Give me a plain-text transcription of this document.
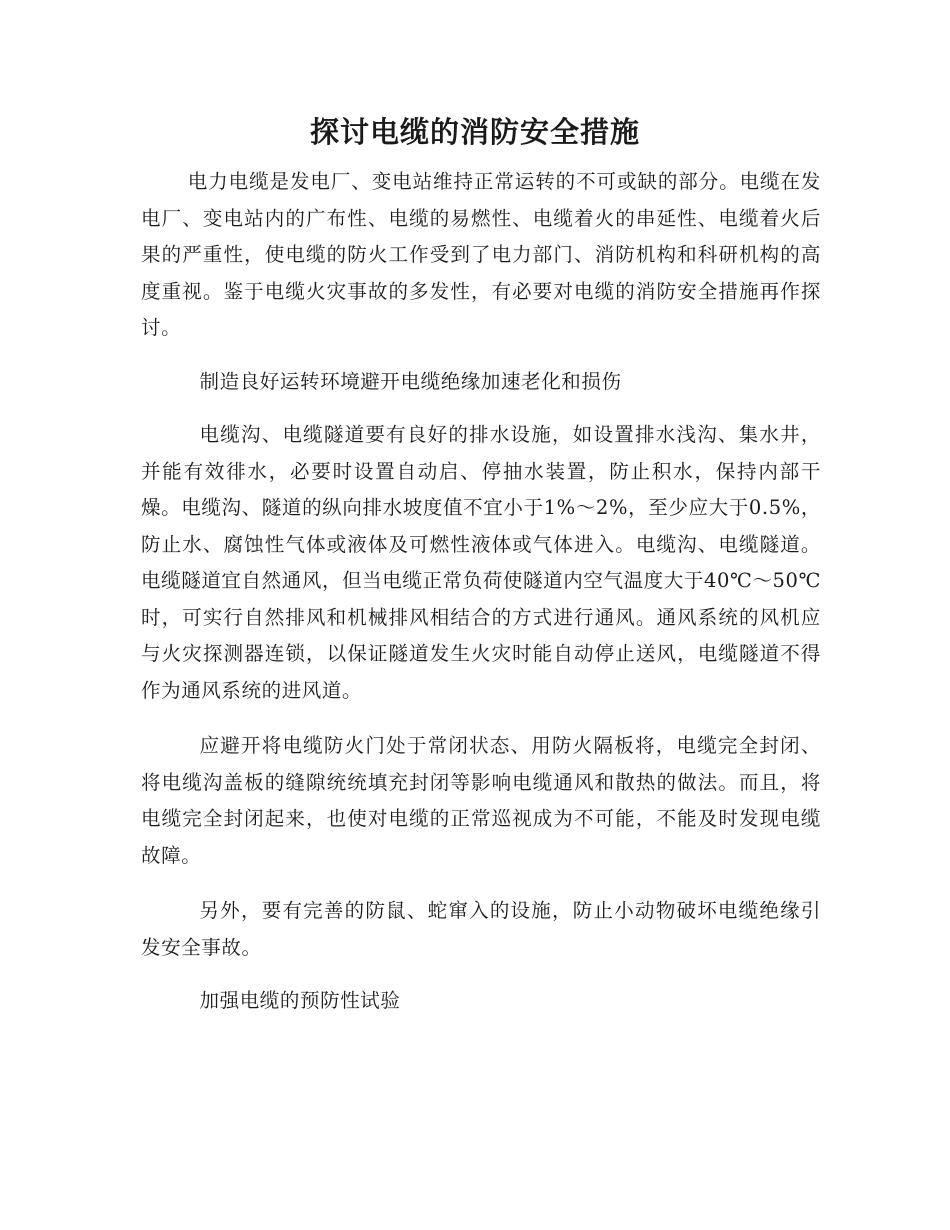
探讨电缆的消防安全措施

电力电缆是发电厂、变电站维持正常运转的不可或缺的部分。电缆在发电厂、变电站内的广布性、电缆的易燃性、电缆着火的串延性、电缆着火后果的严重性，使电缆的防火工作受到了电力部门、消防机构和科研机构的高度重视。鉴于电缆火灾事故的多发性，有必要对电缆的消防安全措施再作探讨。

制造良好运转环境避开电缆绝缘加速老化和损伤

电缆沟、电缆隧道要有良好的排水设施，如设置排水浅沟、集水井，并能有效徘水，必要时设置自动启、停抽水装置，防止积水，保持内部干燥。电缆沟、隧道的纵向排水坡度值不宜小于1%～2%，至少应大于0.5%，防止水、腐蚀性气体或液体及可燃性液体或气体进入。电缆沟、电缆隧道。电缆隧道宜自然通风，但当电缆正常负荷使隧道内空气温度大于40℃～50℃时，可实行自然排风和机械排风相结合的方式进行通风。通风系统的风机应与火灾探测器连锁，以保证隧道发生火灾时能自动停止送风，电缆隧道不得作为通风系统的进风道。

应避开将电缆防火门处于常闭状态、用防火隔板将，电缆完全封闭、将电缆沟盖板的缝隙统统填充封闭等影响电缆通风和散热的做法。而且，将电缆完全封闭起来，也使对电缆的正常巡视成为不可能，不能及时发现电缆故障。

另外，要有完善的防鼠、蛇窜入的设施，防止小动物破坏电缆绝缘引发安全事故。

加强电缆的预防性试验
